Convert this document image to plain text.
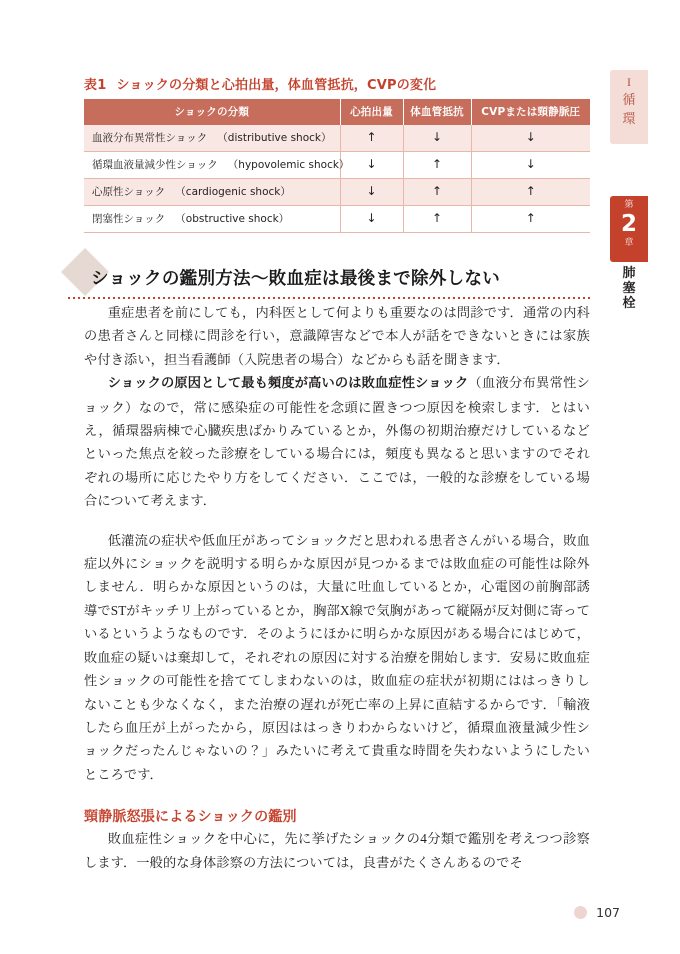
I
循
環
第
2
章
肺
塞
栓
表1 ショックの分類と心拍出量，体血管抵抗，CVPの変化
ショックの分類	心拍出量	体血管抵抗	CVPまたは頸静脈圧
血液分布異常性ショック （distributive shock）	↑	↓	↓
循環血液量減少性ショック （hypovolemic shock）	↓	↑	↓
心原性ショック （cardiogenic shock）	↓	↑	↑
閉塞性ショック （obstructive shock）	↓	↑	↑
ショックの鑑別方法〜敗血症は最後まで除外しない

重症患者を前にしても，内科医として何よりも重要なのは問診です．通常の内科の患者さんと同様に問診を行い，意識障害などで本人が話をできないときには家族や付き添い，担当看護師（入院患者の場合）などからも話を聞きます．

ショックの原因として最も頻度が高いのは敗血症性ショック（血液分布異常性ショック）なので，常に感染症の可能性を念頭に置きつつ原因を検索します．とはいえ，循環器病棟で心臓疾患ばかりみているとか，外傷の初期治療だけしているなどといった焦点を絞った診療をしている場合には，頻度も異なると思いますのでそれぞれの場所に応じたやり方をしてください．ここでは，一般的な診療をしている場合について考えます．

低灌流の症状や低血圧があってショックだと思われる患者さんがいる場合，敗血症以外にショックを説明する明らかな原因が見つかるまでは敗血症の可能性は除外しません．明らかな原因というのは，大量に吐血しているとか，心電図の前胸部誘導でSTがキッチリ上がっているとか，胸部X線で気胸があって縦隔が反対側に寄っているというようなものです．そのようにほかに明らかな原因がある場合にはじめて，敗血症の疑いは棄却して，それぞれの原因に対する治療を開始します．安易に敗血症性ショックの可能性を捨ててしまわないのは，敗血症の症状が初期にははっきりしないことも少なくなく，また治療の遅れが死亡率の上昇に直結するからです．「輸液したら血圧が上がったから，原因ははっきりわからないけど，循環血液量減少性ショックだったんじゃないの？」みたいに考えて貴重な時間を失わないようにしたいところです．

頸静脈怒張によるショックの鑑別

敗血症性ショックを中心に，先に挙げたショックの4分類で鑑別を考えつつ診察します．一般的な身体診察の方法については，良書がたくさんあるのでそ

107
